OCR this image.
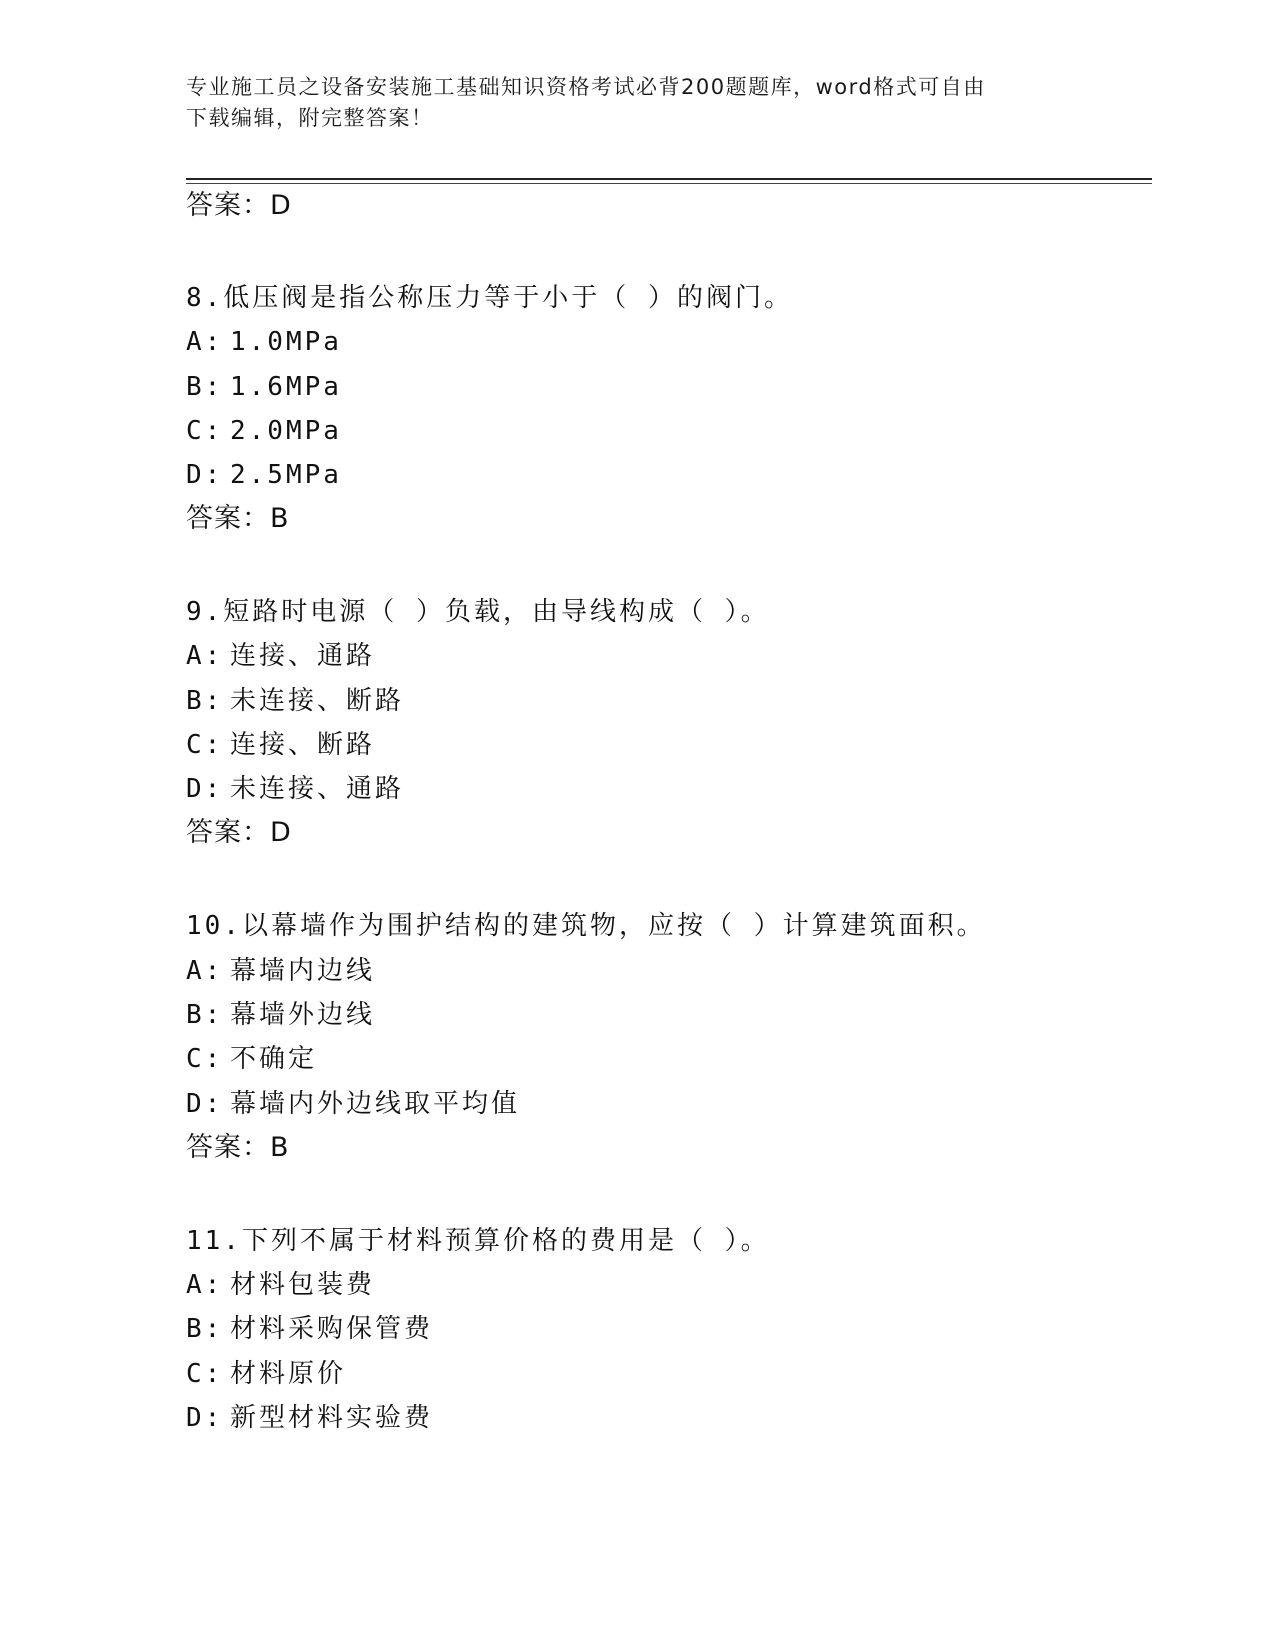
专业施工员之设备安装施工基础知识资格考试必背200题题库，word格式可自由
下载编辑，附完整答案！
答案：D
8.低压阀是指公称压力等于小于（ ）的阀门。
A: 1.0MPa
B: 1.6MPa
C: 2.0MPa
D: 2.5MPa
答案：B
9.短路时电源（ ）负载，由导线构成（ ）。
A: 连接、通路
B: 未连接、断路
C: 连接、断路
D: 未连接、通路
答案：D
10.以幕墙作为围护结构的建筑物，应按（ ）计算建筑面积。
A: 幕墙内边线
B: 幕墙外边线
C: 不确定
D: 幕墙内外边线取平均值
答案：B
11.下列不属于材料预算价格的费用是（ ）。
A: 材料包装费
B: 材料采购保管费
C: 材料原价
D: 新型材料实验费
